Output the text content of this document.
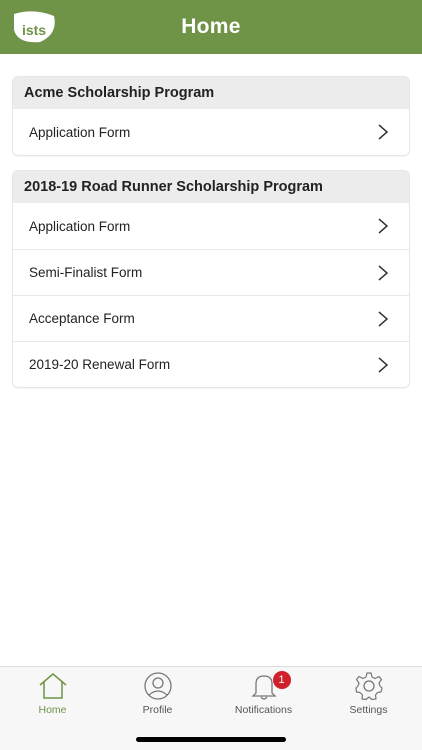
ists	Home
Acme Scholarship Program
Application Form
2018-19 Road Runner Scholarship Program
Application Form
Semi-Finalist Form
Acceptance Form
2019-20 Renewal Form
Home	Profile
1
Notifications	Settings
